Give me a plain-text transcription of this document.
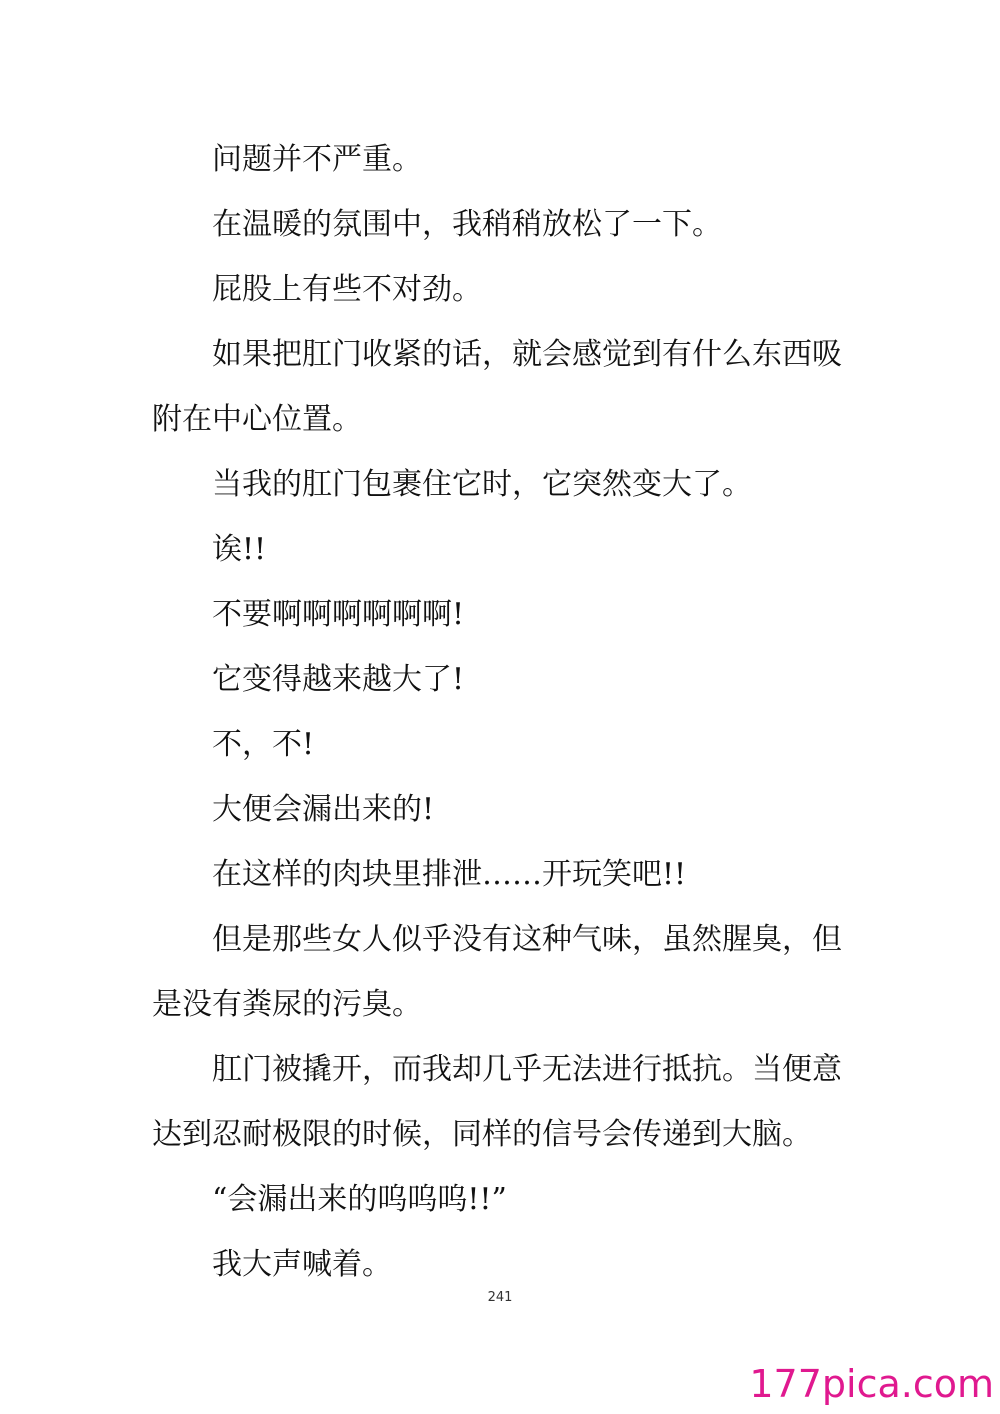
问题并不严重。

在温暖的氛围中，我稍稍放松了一下。

屁股上有些不对劲。

如果把肛门收紧的话，就会感觉到有什么东西吸附在中心位置。

当我的肛门包裹住它时，它突然变大了。

诶!!

不要啊啊啊啊啊啊!

它变得越来越大了!

不，不!

大便会漏出来的!

在这样的肉块里排泄……开玩笑吧!!

但是那些女人似乎没有这种气味，虽然腥臭，但是没有粪尿的污臭。

肛门被撬开，而我却几乎无法进行抵抗。当便意达到忍耐极限的时候，同样的信号会传递到大脑。

“会漏出来的呜呜呜!!”

我大声喊着。

241
177pica.com
